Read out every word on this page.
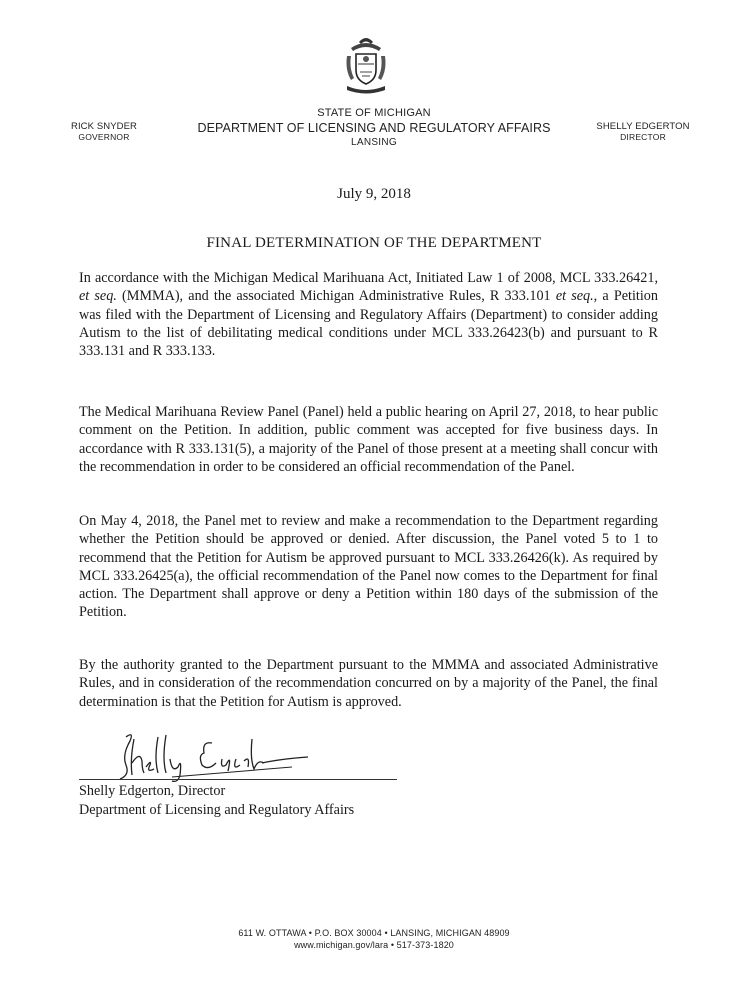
STATE OF MICHIGAN
DEPARTMENT OF LICENSING AND REGULATORY AFFAIRS
LANSING
RICK SNYDER
GOVERNOR
SHELLY EDGERTON
DIRECTOR
July 9, 2018
FINAL DETERMINATION OF THE DEPARTMENT

In accordance with the Michigan Medical Marihuana Act, Initiated Law 1 of 2008, MCL 333.26421, et seq. (MMMA), and the associated Michigan Administrative Rules, R 333.101 et seq., a Petition was filed with the Department of Licensing and Regulatory Affairs (Department) to consider adding Autism to the list of debilitating medical conditions under MCL 333.26423(b) and pursuant to R 333.131 and R 333.133.

The Medical Marihuana Review Panel (Panel) held a public hearing on April 27, 2018, to hear public comment on the Petition. In addition, public comment was accepted for five business days. In accordance with R 333.131(5), a majority of the Panel of those present at a meeting shall concur with the recommendation in order to be considered an official recommendation of the Panel.

On May 4, 2018, the Panel met to review and make a recommendation to the Department regarding whether the Petition should be approved or denied. After discussion, the Panel voted 5 to 1 to recommend that the Petition for Autism be approved pursuant to MCL 333.26426(k). As required by MCL 333.26425(a), the official recommendation of the Panel now comes to the Department for final action. The Department shall approve or deny a Petition within 180 days of the submission of the Petition.

By the authority granted to the Department pursuant to the MMMA and associated Administrative Rules, and in consideration of the recommendation concurred on by a majority of the Panel, the final determination is that the Petition for Autism is approved.

Shelly Edgerton, Director
Department of Licensing and Regulatory Affairs
611 W. OTTAWA • P.O. BOX 30004 • LANSING, MICHIGAN 48909
www.michigan.gov/lara • 517-373-1820
